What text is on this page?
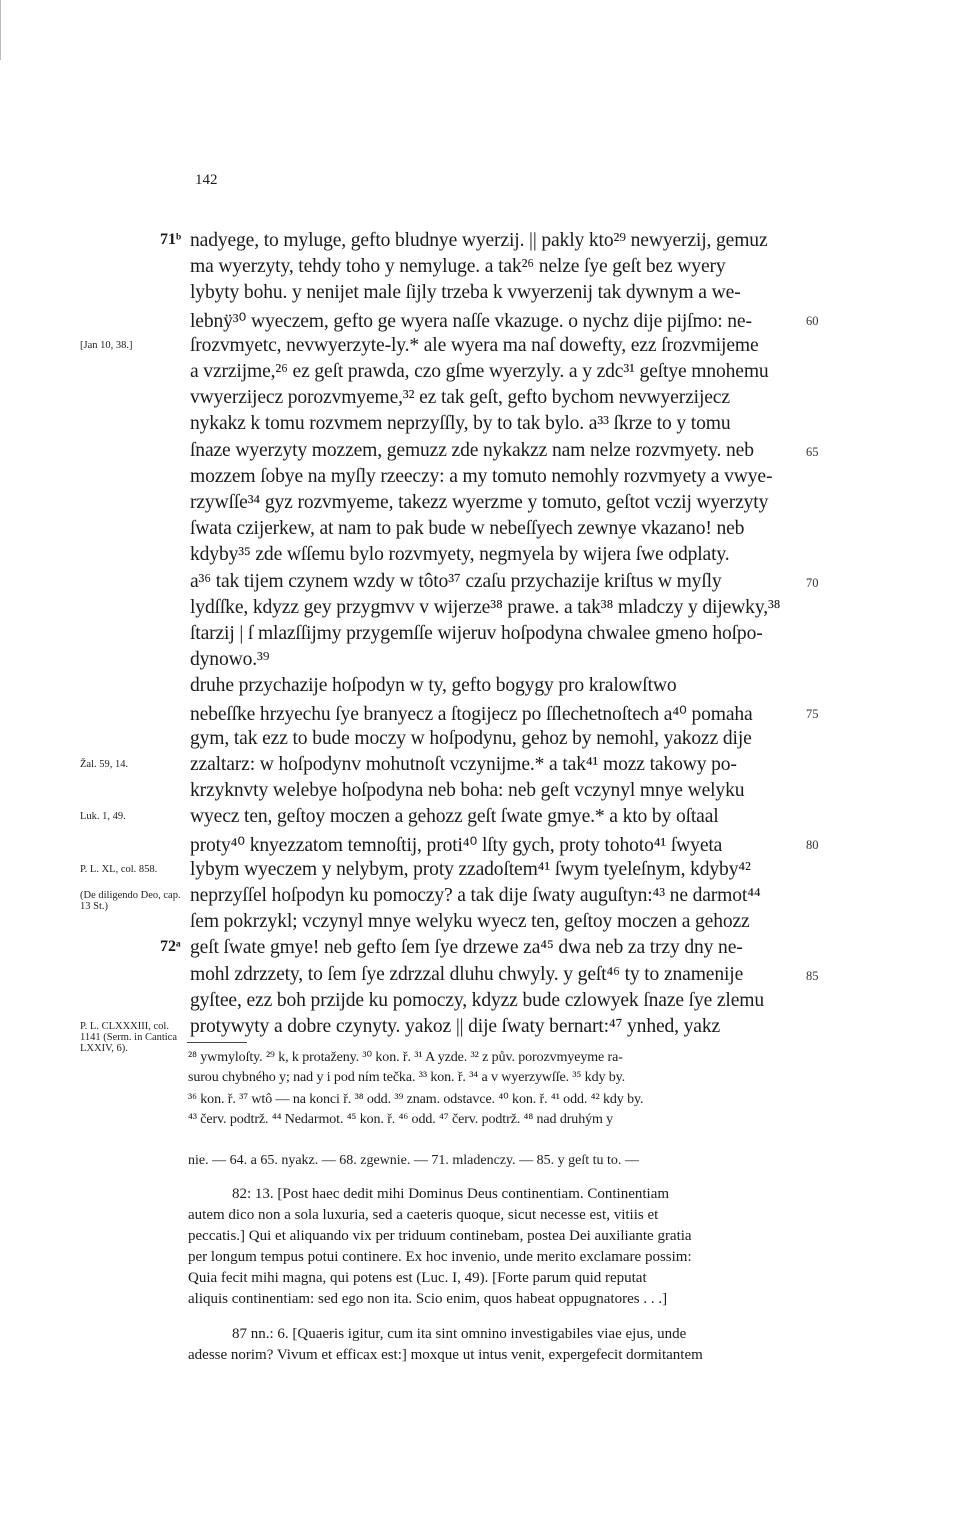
142
71ᵇ
72ᵃ
nadyege, to myluge, gefto bludnye wyerzij. || pakly kto²⁹ newyerzij, gemuz
ma wyerzyty, tehdy toho y nemyluge. a tak²⁶ nelze ſye geſt bez wyery
lybyty bohu. y nenijet male ſijly trzeba k vwyerzenij tak dywnym a we-
lebnÿ³⁰ wyeczem, gefto ge wyera naſſe vkazuge. o nychz dije pijſmo: ne-
ſrozvmyetc, nevwyerzyte-ly.* ale wyera ma naſ dowefty, ezz ſrozvmijeme
a vzrzijme,²⁶ ez geſt prawda, czo gſme wyerzyly. a y zdc³¹ geſtye mnohemu
vwyerzijecz porozvmyeme,³² ez tak geſt, gefto bychom nevwyerzijecz
nykakz k tomu rozvmem neprzyſſly, by to tak bylo. a³³ ſkrze to y tomu
ſnaze wyerzyty mozzem, gemuzz zde nykakzz nam nelze rozvmyety. neb
mozzem ſobye na myſly rzeeczy: a my tomuto nemohly rozvmyety a vwye-
rzywſſe³⁴ gyz rozvmyeme, takezz wyerzme y tomuto, geſtot vczij wyerzyty
ſwata czijerkew, at nam to pak bude w nebeſſyech zewnye vkazano! neb
kdyby³⁵ zde wſſemu bylo rozvmyety, negmyela by wijera ſwe odplaty.
a³⁶ tak tijem czynem wzdy w tôto³⁷ czaſu przychazije kriſtus w myſly
lydſſke, kdyzz gey przygmvv v wijerze³⁸ prawe. a tak³⁸ mladczy y dijewky,³⁸
ſtarzij | ſ mlazſſijmy przygemſſe wijeruv hoſpodyna chwalee gmeno hoſpo-
dynowo.³⁹
druhe przychazije hoſpodyn w ty, gefto bogygy pro kralowſtwo
nebeſſke hrzyechu ſye branyecz a ſtogijecz po ſſlechetnoſtech a⁴⁰ pomaha
gym, tak ezz to bude moczy w hoſpodynu, gehoz by nemohl, yakozz dije
zzaltarz: w hoſpodynv mohutnoſt vczynijme.* a tak⁴¹ mozz takowy po-
krzyknvty welebye hoſpodyna neb boha: neb geſt vczynyl mnye welyku
wyecz ten, geſtoy moczen a gehozz geſt ſwate gmye.* a kto by oſtaal
proty⁴⁰ knyezzatom temnoſtij, proti⁴⁰ lſty gych, proty tohoto⁴¹ ſwyeta
lybym wyeczem y nelybym, proty zzadoſtem⁴¹ ſwym tyeleſnym, kdyby⁴²
neprzyſſel hoſpodyn ku pomoczy? a tak dije ſwaty auguſtyn:⁴³ ne darmot⁴⁴
ſem pokrzykl; vczynyl mnye welyku wyecz ten, geſtoy moczen a gehozz
geſt ſwate gmye! neb gefto ſem ſye drzewe za⁴⁵ dwa neb za trzy dny ne-
mohl zdrzzety, to ſem ſye zdrzzal dluhu chwyly. y geſt⁴⁶ ty to znamenije
gyſtee, ezz boh przijde ku pomoczy, kdyzz bude czlowyek ſnaze ſye zlemu
protywyty a dobre czynyty. yakoz || dije ſwaty bernart:⁴⁷ ynhed, yakz
60
65
70
75
80
85
[Jan 10, 38.]
Žal. 59, 14.
Luk. 1, 49.
P. L. XL, col. 858.
(De diligendo Deo, cap. 13 St.)
P. L. CLXXXIII, col. 1141 (Serm. in Cantica LXXIV, 6).
²⁸ ywmyloſty. ²⁹ k, k protaženy. ³⁰ kon. ř. ³¹ A yzde. ³² z pův. porozvmyeyme ra-
surou chybného y; nad y i pod ním tečka. ³³ kon. ř. ³⁴ a v wyerzywſſe. ³⁵ kdy by.
³⁶ kon. ř. ³⁷ wtô — na konci ř. ³⁸ odd. ³⁹ znam. odstavce. ⁴⁰ kon. ř. ⁴¹ odd. ⁴² kdy by.
⁴³ červ. podtrž. ⁴⁴ Nedarmot. ⁴⁵ kon. ř. ⁴⁶ odd. ⁴⁷ červ. podtrž. ⁴⁸ nad druhým y
nie. — 64. a 65. nyakz. — 68. zgewnie. — 71. mladenczy. — 85. y geſt tu to. —
82: 13. [Post haec dedit mihi Dominus Deus continentiam. Continentiam
autem dico non a sola luxuria, sed a caeteris quoque, sicut necesse est, vitiis et
peccatis.] Qui et aliquando vix per triduum continebam, postea Dei auxiliante gratia
per longum tempus potui continere. Ex hoc invenio, unde merito exclamare possim:
Quia fecit mihi magna, qui potens est (Luc. I, 49). [Forte parum quid reputat
aliquis continentiam: sed ego non ita. Scio enim, quos habeat oppugnatores . . .]
87 nn.: 6. [Quaeris igitur, cum ita sint omnino investigabiles viae ejus, unde
adesse norim? Vivum et efficax est:] moxque ut intus venit, expergefecit dormitantem
